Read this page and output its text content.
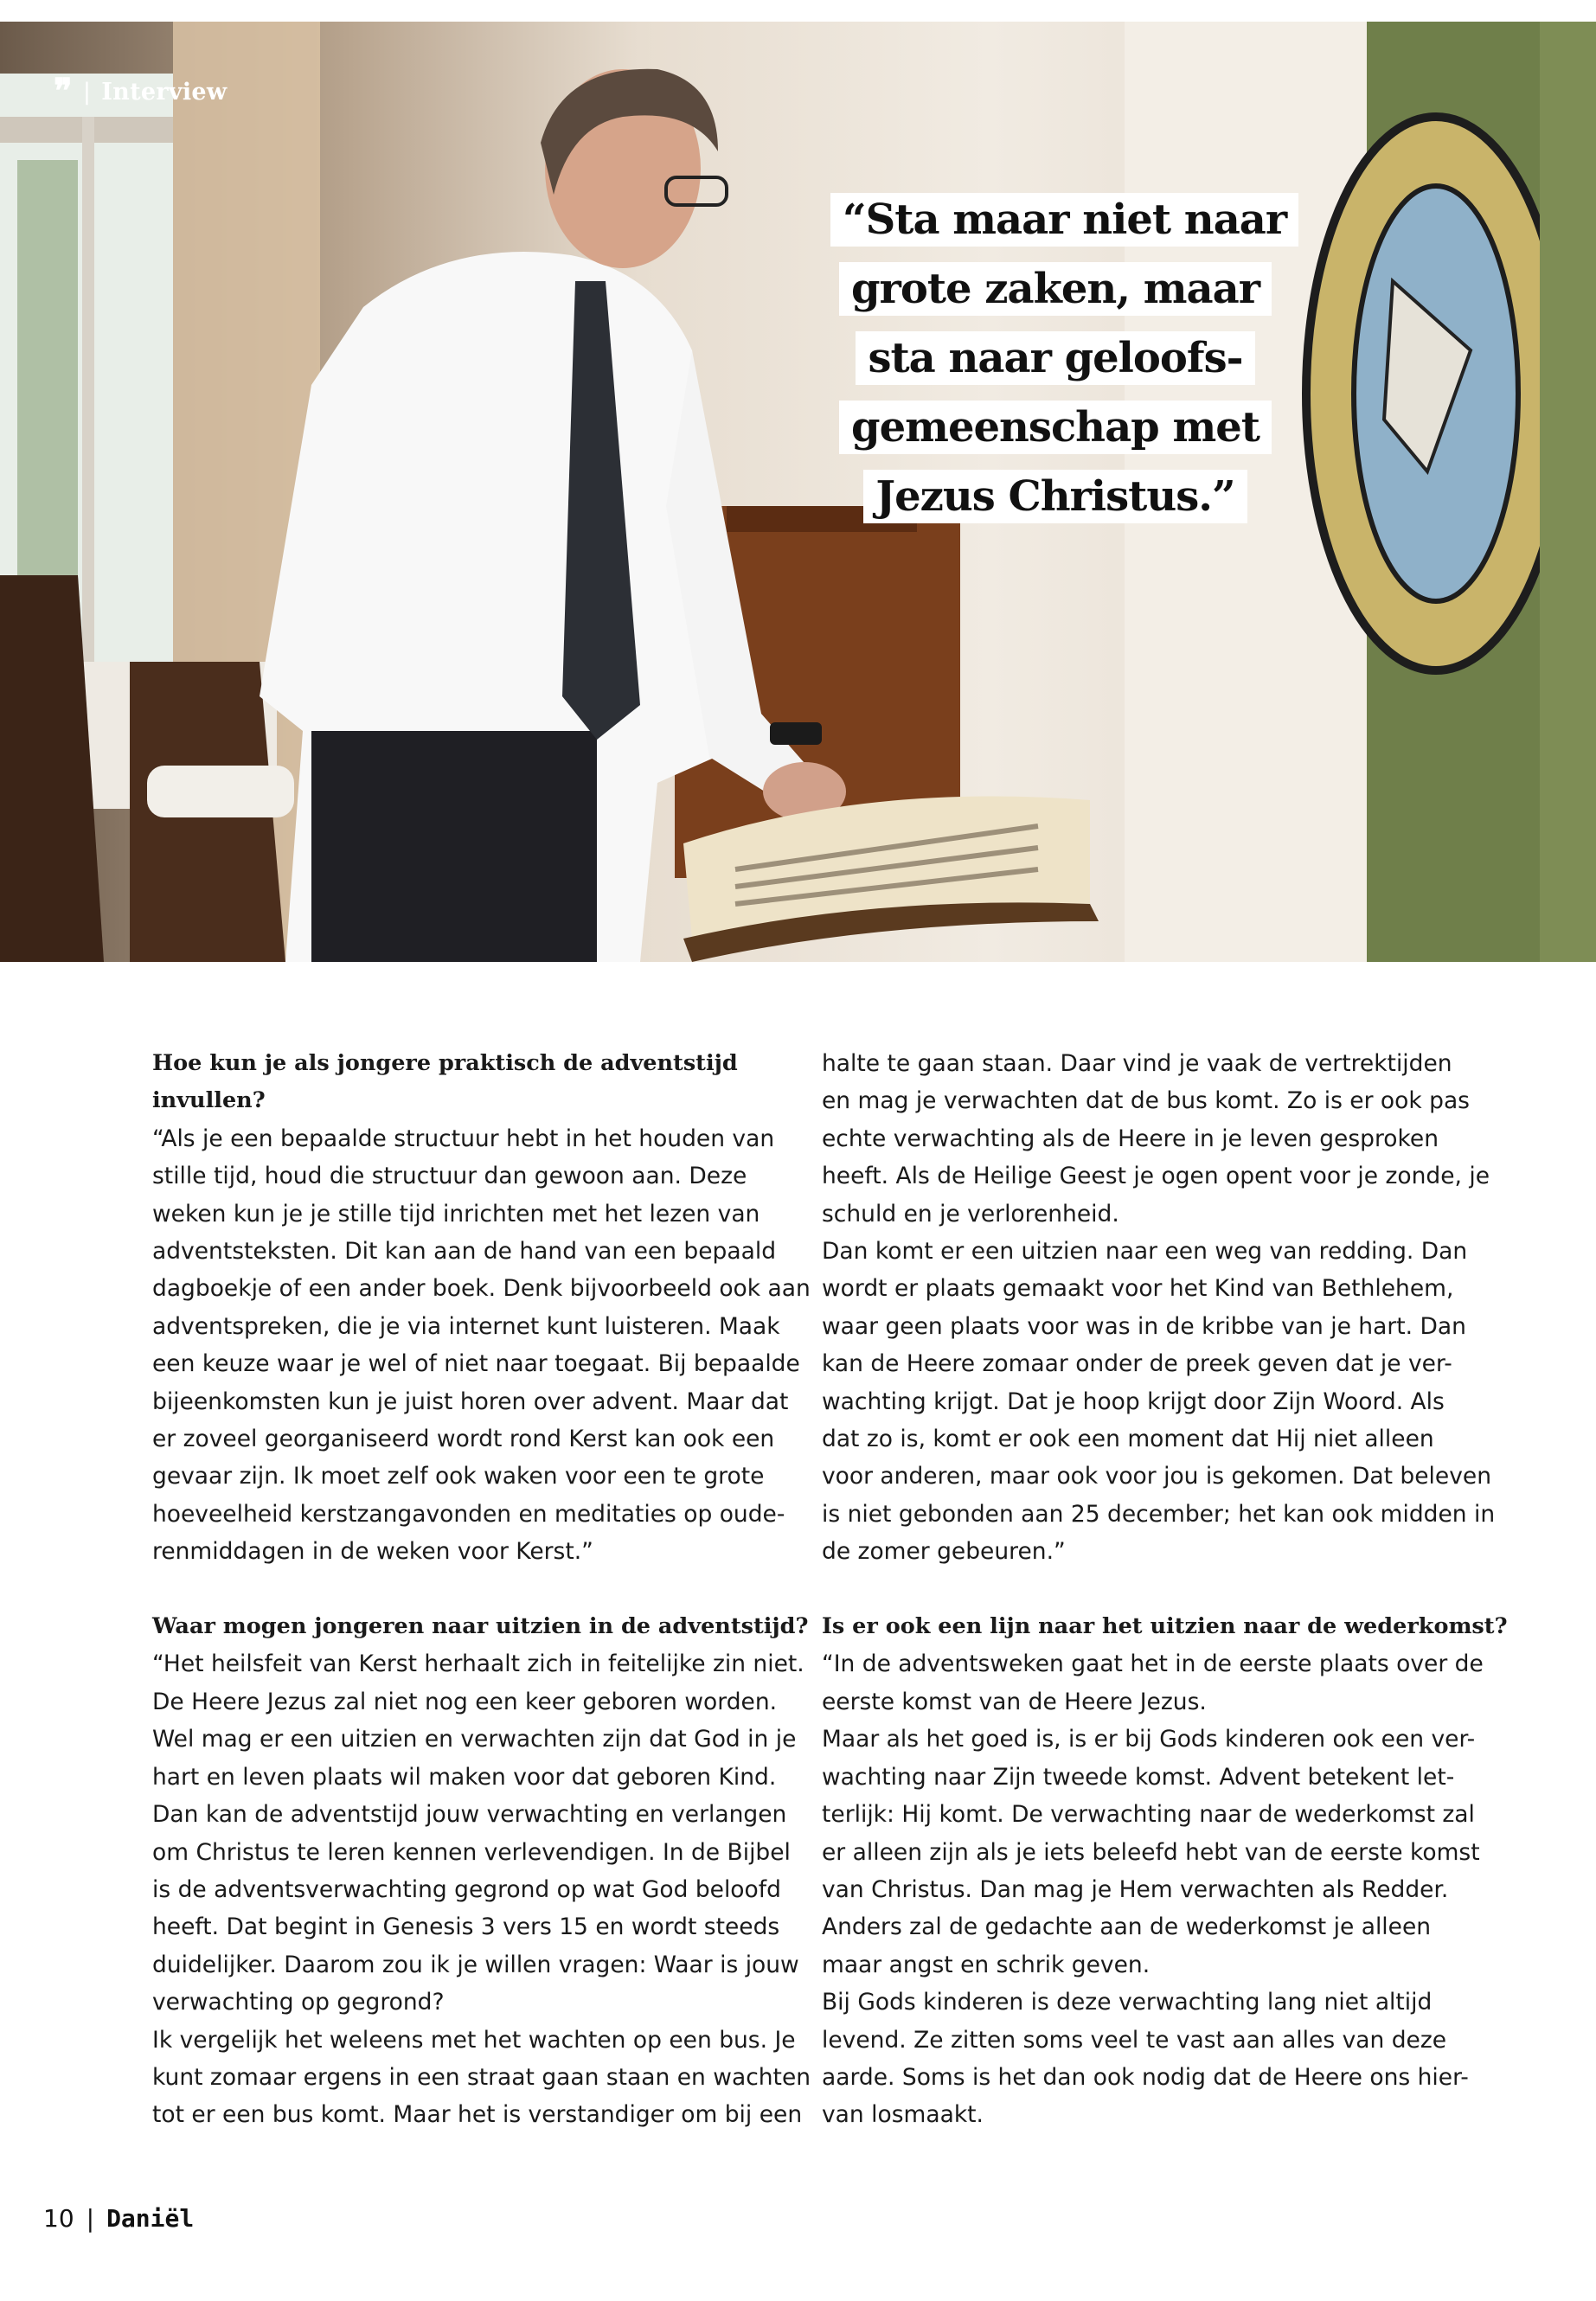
❞ | Interview
“Sta maar niet naar
grote zaken, maar
sta naar geloofs-
gemeenschap met
Jezus Christus.”

Hoe kun je als jongere praktisch de adventstijd

invullen?

“Als je een bepaalde structuur hebt in het houden van

stille tijd, houd die structuur dan gewoon aan. Deze

weken kun je je stille tijd inrichten met het lezen van

adventsteksten. Dit kan aan de hand van een bepaald

dagboekje of een ander boek. Denk bijvoorbeeld ook aan

adventspreken, die je via internet kunt luisteren. Maak

een keuze waar je wel of niet naar toegaat. Bij bepaalde

bijeenkomsten kun je juist horen over advent. Maar dat

er zoveel georganiseerd wordt rond Kerst kan ook een

gevaar zijn. Ik moet zelf ook waken voor een te grote

hoeveelheid kerstzangavonden en meditaties op oude-

renmiddagen in de weken voor Kerst.”

Waar mogen jongeren naar uitzien in de adventstijd?

“Het heilsfeit van Kerst herhaalt zich in feitelijke zin niet.

De Heere Jezus zal niet nog een keer geboren worden.

Wel mag er een uitzien en verwachten zijn dat God in je

hart en leven plaats wil maken voor dat geboren Kind.

Dan kan de adventstijd jouw verwachting en verlangen

om Christus te leren kennen verlevendigen. In de Bijbel

is de adventsverwachting gegrond op wat God beloofd

heeft. Dat begint in Genesis 3 vers 15 en wordt steeds

duidelijker. Daarom zou ik je willen vragen: Waar is jouw

verwachting op gegrond?

Ik vergelijk het weleens met het wachten op een bus. Je

kunt zomaar ergens in een straat gaan staan en wachten

tot er een bus komt. Maar het is verstandiger om bij een

halte te gaan staan. Daar vind je vaak de vertrektijden

en mag je verwachten dat de bus komt. Zo is er ook pas

echte verwachting als de Heere in je leven gesproken

heeft. Als de Heilige Geest je ogen opent voor je zonde, je

schuld en je verlorenheid.

Dan komt er een uitzien naar een weg van redding. Dan

wordt er plaats gemaakt voor het Kind van Bethlehem,

waar geen plaats voor was in de kribbe van je hart. Dan

kan de Heere zomaar onder de preek geven dat je ver-

wachting krijgt. Dat je hoop krijgt door Zijn Woord. Als

dat zo is, komt er ook een moment dat Hij niet alleen

voor anderen, maar ook voor jou is gekomen. Dat beleven

is niet gebonden aan 25 december; het kan ook midden in

de zomer gebeuren.”

Is er ook een lijn naar het uitzien naar de wederkomst?

“In de adventsweken gaat het in de eerste plaats over de

eerste komst van de Heere Jezus.

Maar als het goed is, is er bij Gods kinderen ook een ver-

wachting naar Zijn tweede komst. Advent betekent let-

terlijk: Hij komt. De verwachting naar de wederkomst zal

er alleen zijn als je iets beleefd hebt van de eerste komst

van Christus. Dan mag je Hem verwachten als Redder.

Anders zal de gedachte aan de wederkomst je alleen

maar angst en schrik geven.

Bij Gods kinderen is deze verwachting lang niet altijd

levend. Ze zitten soms veel te vast aan alles van deze

aarde. Soms is het dan ook nodig dat de Heere ons hier-

van losmaakt.

10 | Daniël
